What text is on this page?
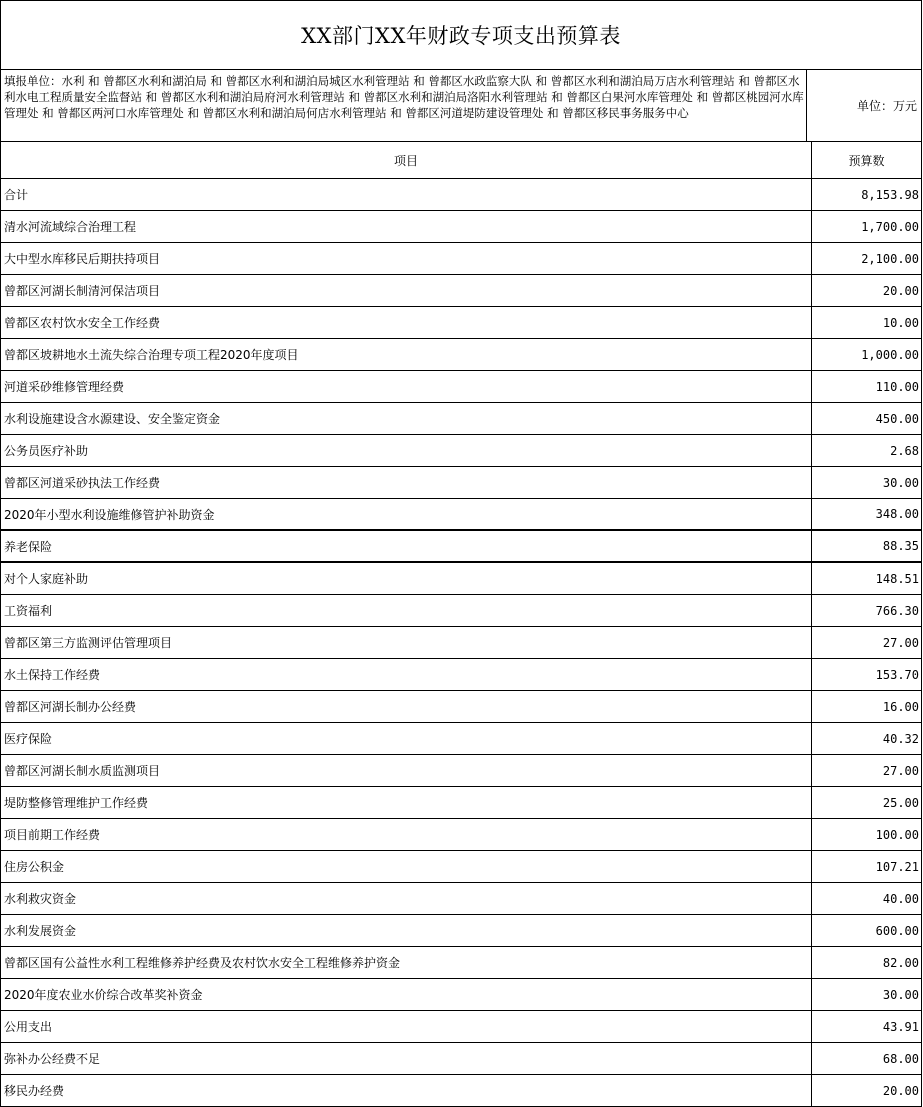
XX部门XX年财政专项支出预算表
填报单位：水利 和 曾都区水利和湖泊局 和 曾都区水利和湖泊局城区水利管理站 和 曾都区水政监察大队 和 曾都区水利和湖泊局万店水利管理站 和 曾都区水利水电工程质量安全监督站 和 曾都区水利和湖泊局府河水利管理站 和 曾都区水利和湖泊局洛阳水利管理站 和 曾都区白果河水库管理处 和 曾都区桃园河水库管理处 和 曾都区两河口水库管理处 和 曾都区水利和湖泊局何店水利管理站 和 曾都区河道堤防建设管理处 和 曾都区移民事务服务中心	单位：万元
项目	预算数
合计	8,153.98
清水河流域综合治理工程	1,700.00
大中型水库移民后期扶持项目	2,100.00
曾都区河湖长制清河保洁项目	20.00
曾都区农村饮水安全工作经费	10.00
曾都区坡耕地水土流失综合治理专项工程2020年度项目	1,000.00
河道采砂维修管理经费	110.00
水利设施建设含水源建设、安全鉴定资金	450.00
公务员医疗补助	2.68
曾都区河道采砂执法工作经费	30.00
2020年小型水利设施维修管护补助资金	348.00
养老保险	88.35
对个人家庭补助	148.51
工资福利	766.30
曾都区第三方监测评估管理项目	27.00
水土保持工作经费	153.70
曾都区河湖长制办公经费	16.00
医疗保险	40.32
曾都区河湖长制水质监测项目	27.00
堤防整修管理维护工作经费	25.00
项目前期工作经费	100.00
住房公积金	107.21
水利救灾资金	40.00
水利发展资金	600.00
曾都区国有公益性水利工程维修养护经费及农村饮水安全工程维修养护资金	82.00
2020年度农业水价综合改革奖补资金	30.00
公用支出	43.91
弥补办公经费不足	68.00
移民办经费	20.00
